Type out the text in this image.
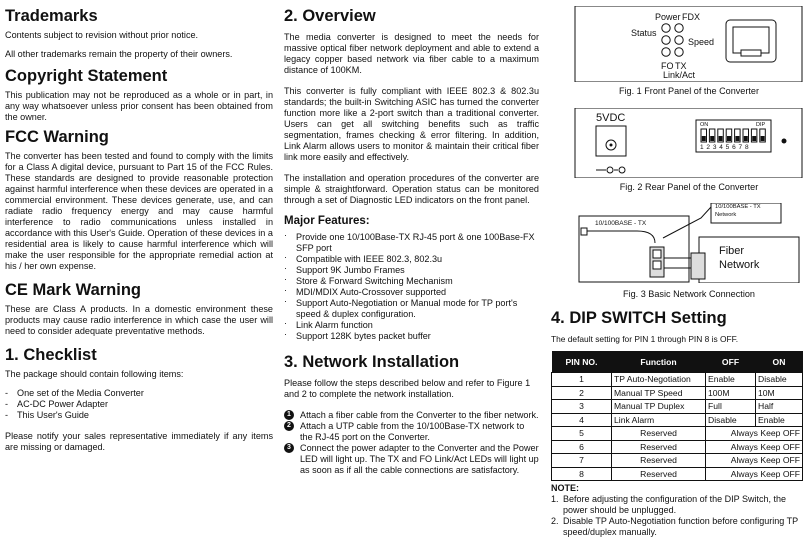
Trademarks

Contents subject to revision without prior notice.

All other trademarks remain the property of their owners.

Copyright Statement

This publication may not be reproduced as a whole or in part, in any way whatsoever unless prior consent has been obtained from the owner.

FCC Warning

The converter has been tested and found to comply with the limits for a Class A digital device, pursuant to Part 15 of the FCC Rules. These standards are designed to provide reasonable protection against harmful interference when these devices are operated in a commercial environment. These devices generate, use, and can radiate radio frequency energy and may cause harmful interference to radio communications unless installed in accordance with this User's Guide. Operation of these devices in a residential area is likely to cause harmful interference which will make the user responsible for the appropriate remedial action at his / her own expense.

CE Mark Warning

These are Class A products. In a domestic environment these products may cause radio interference in which case the user will need to consider adequate preventative methods.

1. Checklist

The package should contain following items:

- One set of the Media Converter
- AC-DC Power Adapter
- This User's Guide

Please notify your sales representative immediately if any items are missing or damaged.

2. Overview

The media converter is designed to meet the needs for massive optical fiber network deployment and able to extend a legacy copper based network via fiber cable to a maximum distance of 100KM.

This converter is fully compliant with IEEE 802.3 & 802.3u standards; the built-in Switching ASIC has turned the converter function more like a 2-port switch than a traditional converter. Users can get all switching benefits such as traffic segmentation, frames checking & error filtering. In addition, Link Alarm allows users to monitor & maintain their critical fiber link more easily and effectively.

The installation and operation procedures of the converter are simple & straightforward. Operation status can be monitored through a set of Diagnostic LED indicators on the front panel.

Major Features:
· Provide one 10/100Base-TX RJ-45 port & one 100Base-FX SFP port
· Compatible with IEEE 802.3, 802.3u
· Support 9K Jumbo Frames
· Store & Forward Switching Mechanism
· MDI/MDIX Auto-Crossover supported
· Support Auto-Negotiation or Manual mode for TP port's speed & duplex configuration.
· Link Alarm function
· Support 128K bytes packet buffer
3. Network Installation

Please follow the steps described below and refer to Figure 1 and 2 to complete the network installation.

1 Attach a fiber cable from the Converter to the fiber network.
2 Attach a UTP cable from the 10/100Base-TX network to the RJ-45 port on the Converter.
3 Connect the power adapter to the Converter and the Power LED will light up. The TX and FO Link/Act LEDs will light up as soon as if all the cable connections are satisfactory.
Power FDX
Status
Speed
FO TX
Link/Act
Fig. 1 Front Panel of the Converter
5VDC
ON	DIP
1 2 3 4 5 6 7 8
Fig. 2 Rear Panel of the Converter
10/100BASE - TX
Network
10/100BASE - TX
Fiber
Network
Fig. 3 Basic Network Connection
4. DIP SWITCH Setting

The default setting for PIN 1 through PIN 8 is OFF.

PIN NO.	Function	OFF	ON
1	TP Auto-Negotiation	Enable	Disable
2	Manual TP Speed	100M	10M
3	Manual TP Duplex	Full	Half
4	Link Alarm	Disable	Enable
5	Reserved	Always Keep OFF	
6	Reserved	Always Keep OFF	
7	Reserved	Always Keep OFF	
8	Reserved	Always Keep OFF	
NOTE:
1. Before adjusting the configuration of the DIP Switch, the power should be unplugged.
2. Disable TP Auto-Negotiation function before configuring TP speed/duplex manually.
